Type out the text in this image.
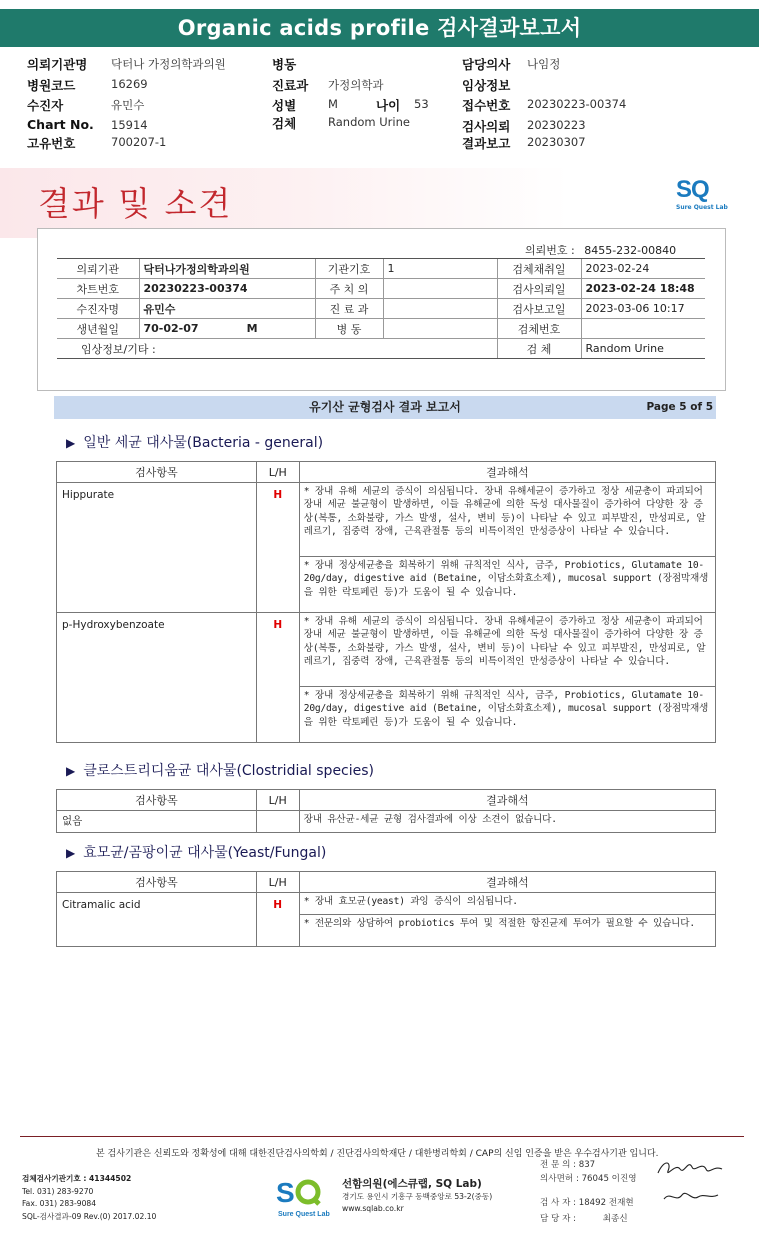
Organic acids profile 검사결과보고서
의뢰기관명 닥터나 가정의학과의원
병원코드	16269
수진자	유민수
Chart No. 15914
고유번호	700207-1
병동
진료과 가정의학과
성별	M	나이 53
검체	Random Urine
담당의사 나임정
임상정보
접수번호 20230223-00374
검사의뢰 20230223
결과보고 20230307
결과 및 소견	SQ
Sure Quest Lab
의뢰번호 : 8455-232-00840
의뢰기관	닥터나가정의학과의원	기관기호	1	검체채취일	2023-02-24
차트번호	20230223-00374	주 치 의		검사의뢰일	2023-02-24 18:48
수진자명	유민수	진 료 과		검사보고일	2023-03-06 10:17
생년월일	70-02-07 M	병 동		검체번호	
임상정보/기타 :				검 체	Random Urine
유기산 균형검사 결과 보고서	Page 5 of 5
▶ 일반 세균 대사물(Bacteria - general)
검사항목	L/H	결과해석
Hippurate	H	* 장내 유해 세균의 증식이 의심됩니다. 장내 유해세균이 증가하고 정상 세균총이 파괴되어 장내 세균 불균형이 발생하면, 이들 유해균에 의한 독성 대사물질이 증가하여 다양한 장 증상(복통, 소화불량, 가스 발생, 설사, 변비 등)이 나타날 수 있고 피부발진, 만성피로, 알레르기, 집중력 장애, 근육관절통 등의 비특이적인 만성증상이 나타날 수 있습니다.
		* 장내 정상세균총을 회복하기 위해 규칙적인 식사, 금주, Probiotics, Glutamate 10-20g/day, digestive aid (Betaine, 이담소화효소제), mucosal support (장점막재생을 위한 락토페린 등)가 도움이 될 수 있습니다.
p-Hydroxybenzoate	H	* 장내 유해 세균의 증식이 의심됩니다. 장내 유해세균이 증가하고 정상 세균총이 파괴되어 장내 세균 불균형이 발생하면, 이들 유해균에 의한 독성 대사물질이 증가하여 다양한 장 증상(복통, 소화불량, 가스 발생, 설사, 변비 등)이 나타날 수 있고 피부발진, 만성피로, 알레르기, 집중력 장애, 근육관절통 등의 비특이적인 만성증상이 나타날 수 있습니다.
		* 장내 정상세균총을 회복하기 위해 규칙적인 식사, 금주, Probiotics, Glutamate 10-20g/day, digestive aid (Betaine, 이담소화효소제), mucosal support (장점막재생을 위한 락토페린 등)가 도움이 될 수 있습니다.
▶ 클로스트리디움균 대사물(Clostridial species)
검사항목	L/H	결과해석
없음		장내 유산균-세균 균형 검사결과에 이상 소견이 없습니다.
▶ 효모균/곰팡이균 대사물(Yeast/Fungal)
검사항목	L/H	결과해석
Citramalic acid	H	* 장내 효모균(yeast) 과잉 증식이 의심됩니다.
		* 전문의와 상담하여 probiotics 투여 및 적절한 항진균제 투여가 필요할 수 있습니다.
본 검사기관은 신뢰도와 정확성에 대해 대한진단검사의학회 / 진단검사의학재단 / 대한병리학회 / CAP의 신임 인증을 받은 우수검사기관 입니다.
검체검사기관기호 : 41344502
Tel. 031) 283-9270
Fax. 031) 283-9084
SQL-검사결과-09 Rev.(0) 2017.02.10
S
Sure Quest Lab
선함의원(에스큐랩, SQ Lab)
경기도 용인시 기흥구 동백중앙로 53-2(중동)
www.sqlab.co.kr
전 문 의 : 837
의사면허 : 76045 이진영
검 사 자 : 18492 전재현
담 당 자 :	최종신
